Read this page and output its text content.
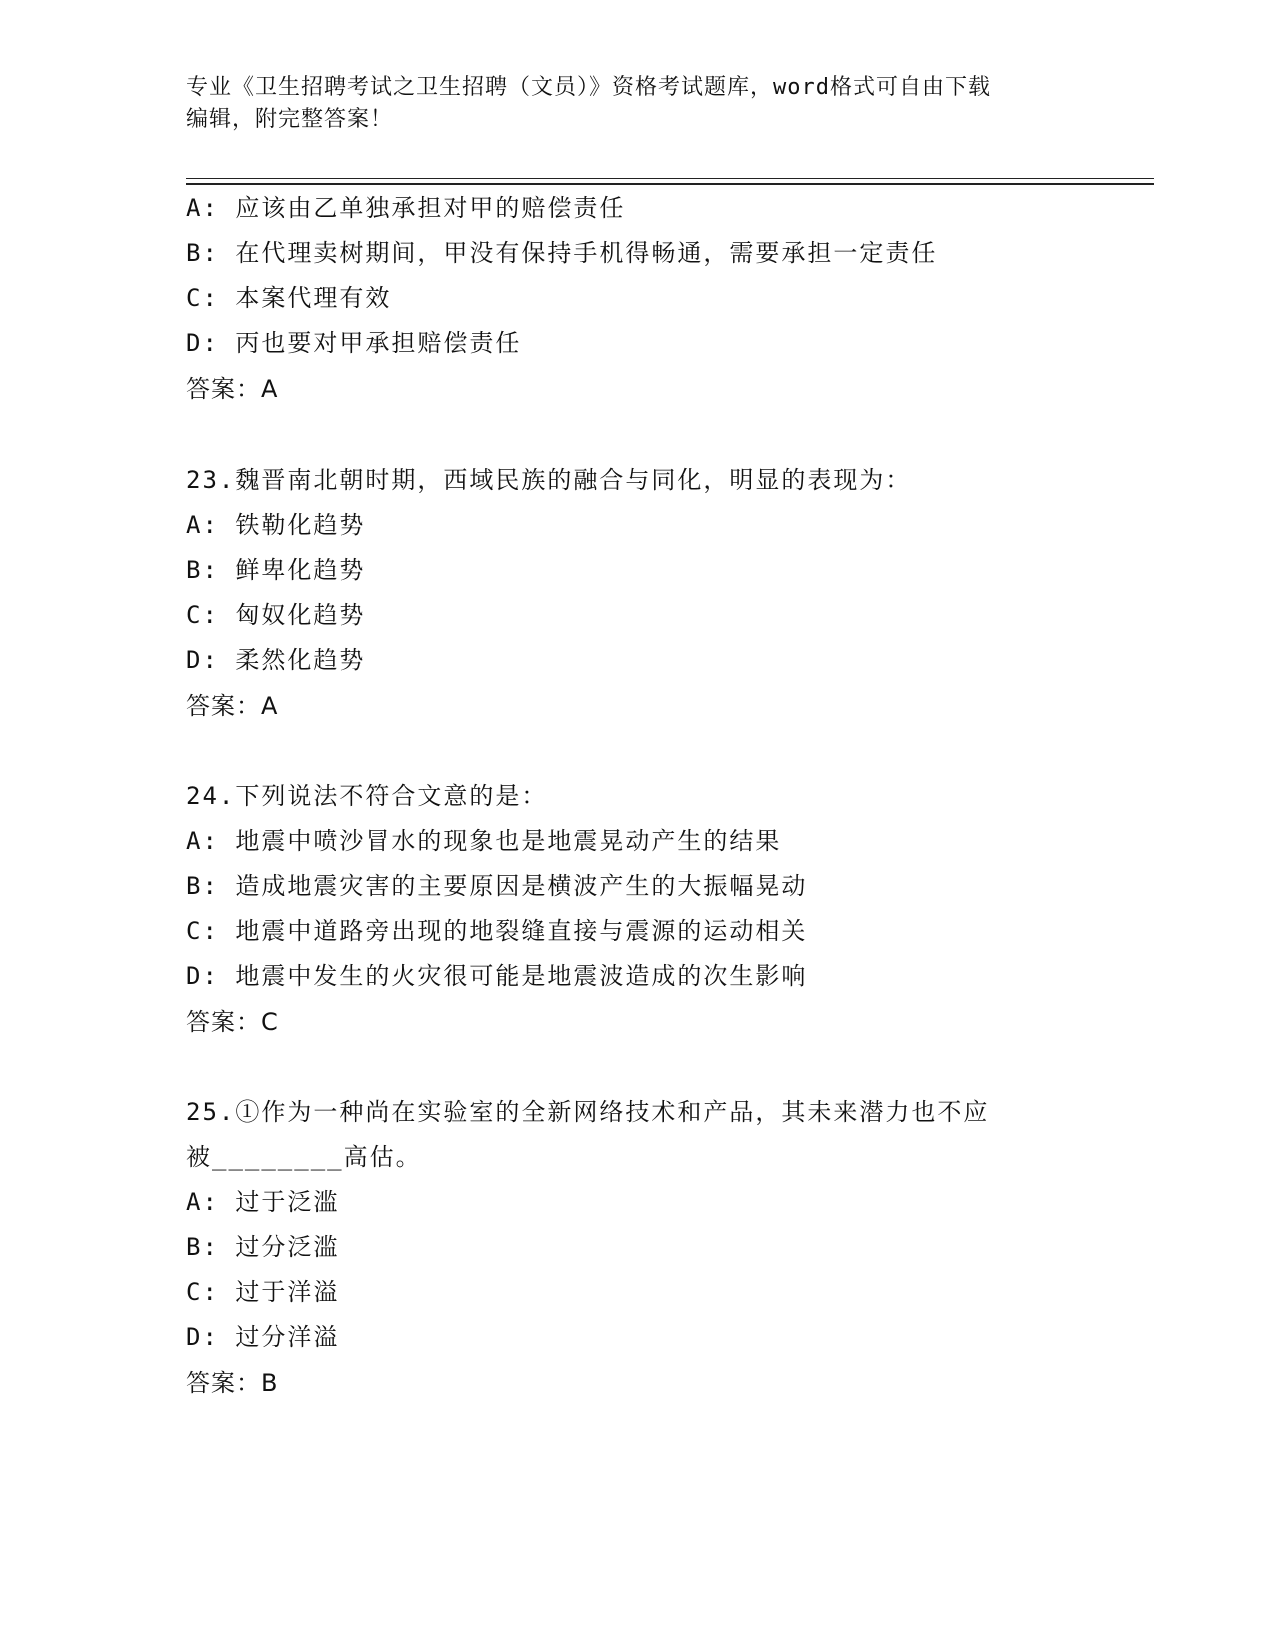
专业《卫生招聘考试之卫生招聘（文员）》资格考试题库，word格式可自由下载
编辑，附完整答案！
A: 应该由乙单独承担对甲的赔偿责任
B: 在代理卖树期间，甲没有保持手机得畅通，需要承担一定责任
C: 本案代理有效
D: 丙也要对甲承担赔偿责任
答案：A
23.魏晋南北朝时期，西域民族的融合与同化，明显的表现为：
A: 铁勒化趋势
B: 鲜卑化趋势
C: 匈奴化趋势
D: 柔然化趋势
答案：A
24.下列说法不符合文意的是：
A: 地震中喷沙冒水的现象也是地震晃动产生的结果
B: 造成地震灾害的主要原因是横波产生的大振幅晃动
C: 地震中道路旁出现的地裂缝直接与震源的运动相关
D: 地震中发生的火灾很可能是地震波造成的次生影响
答案：C
25.①作为一种尚在实验室的全新网络技术和产品，其未来潜力也不应
被________高估。
A: 过于泛滥
B: 过分泛滥
C: 过于洋溢
D: 过分洋溢
答案：B
